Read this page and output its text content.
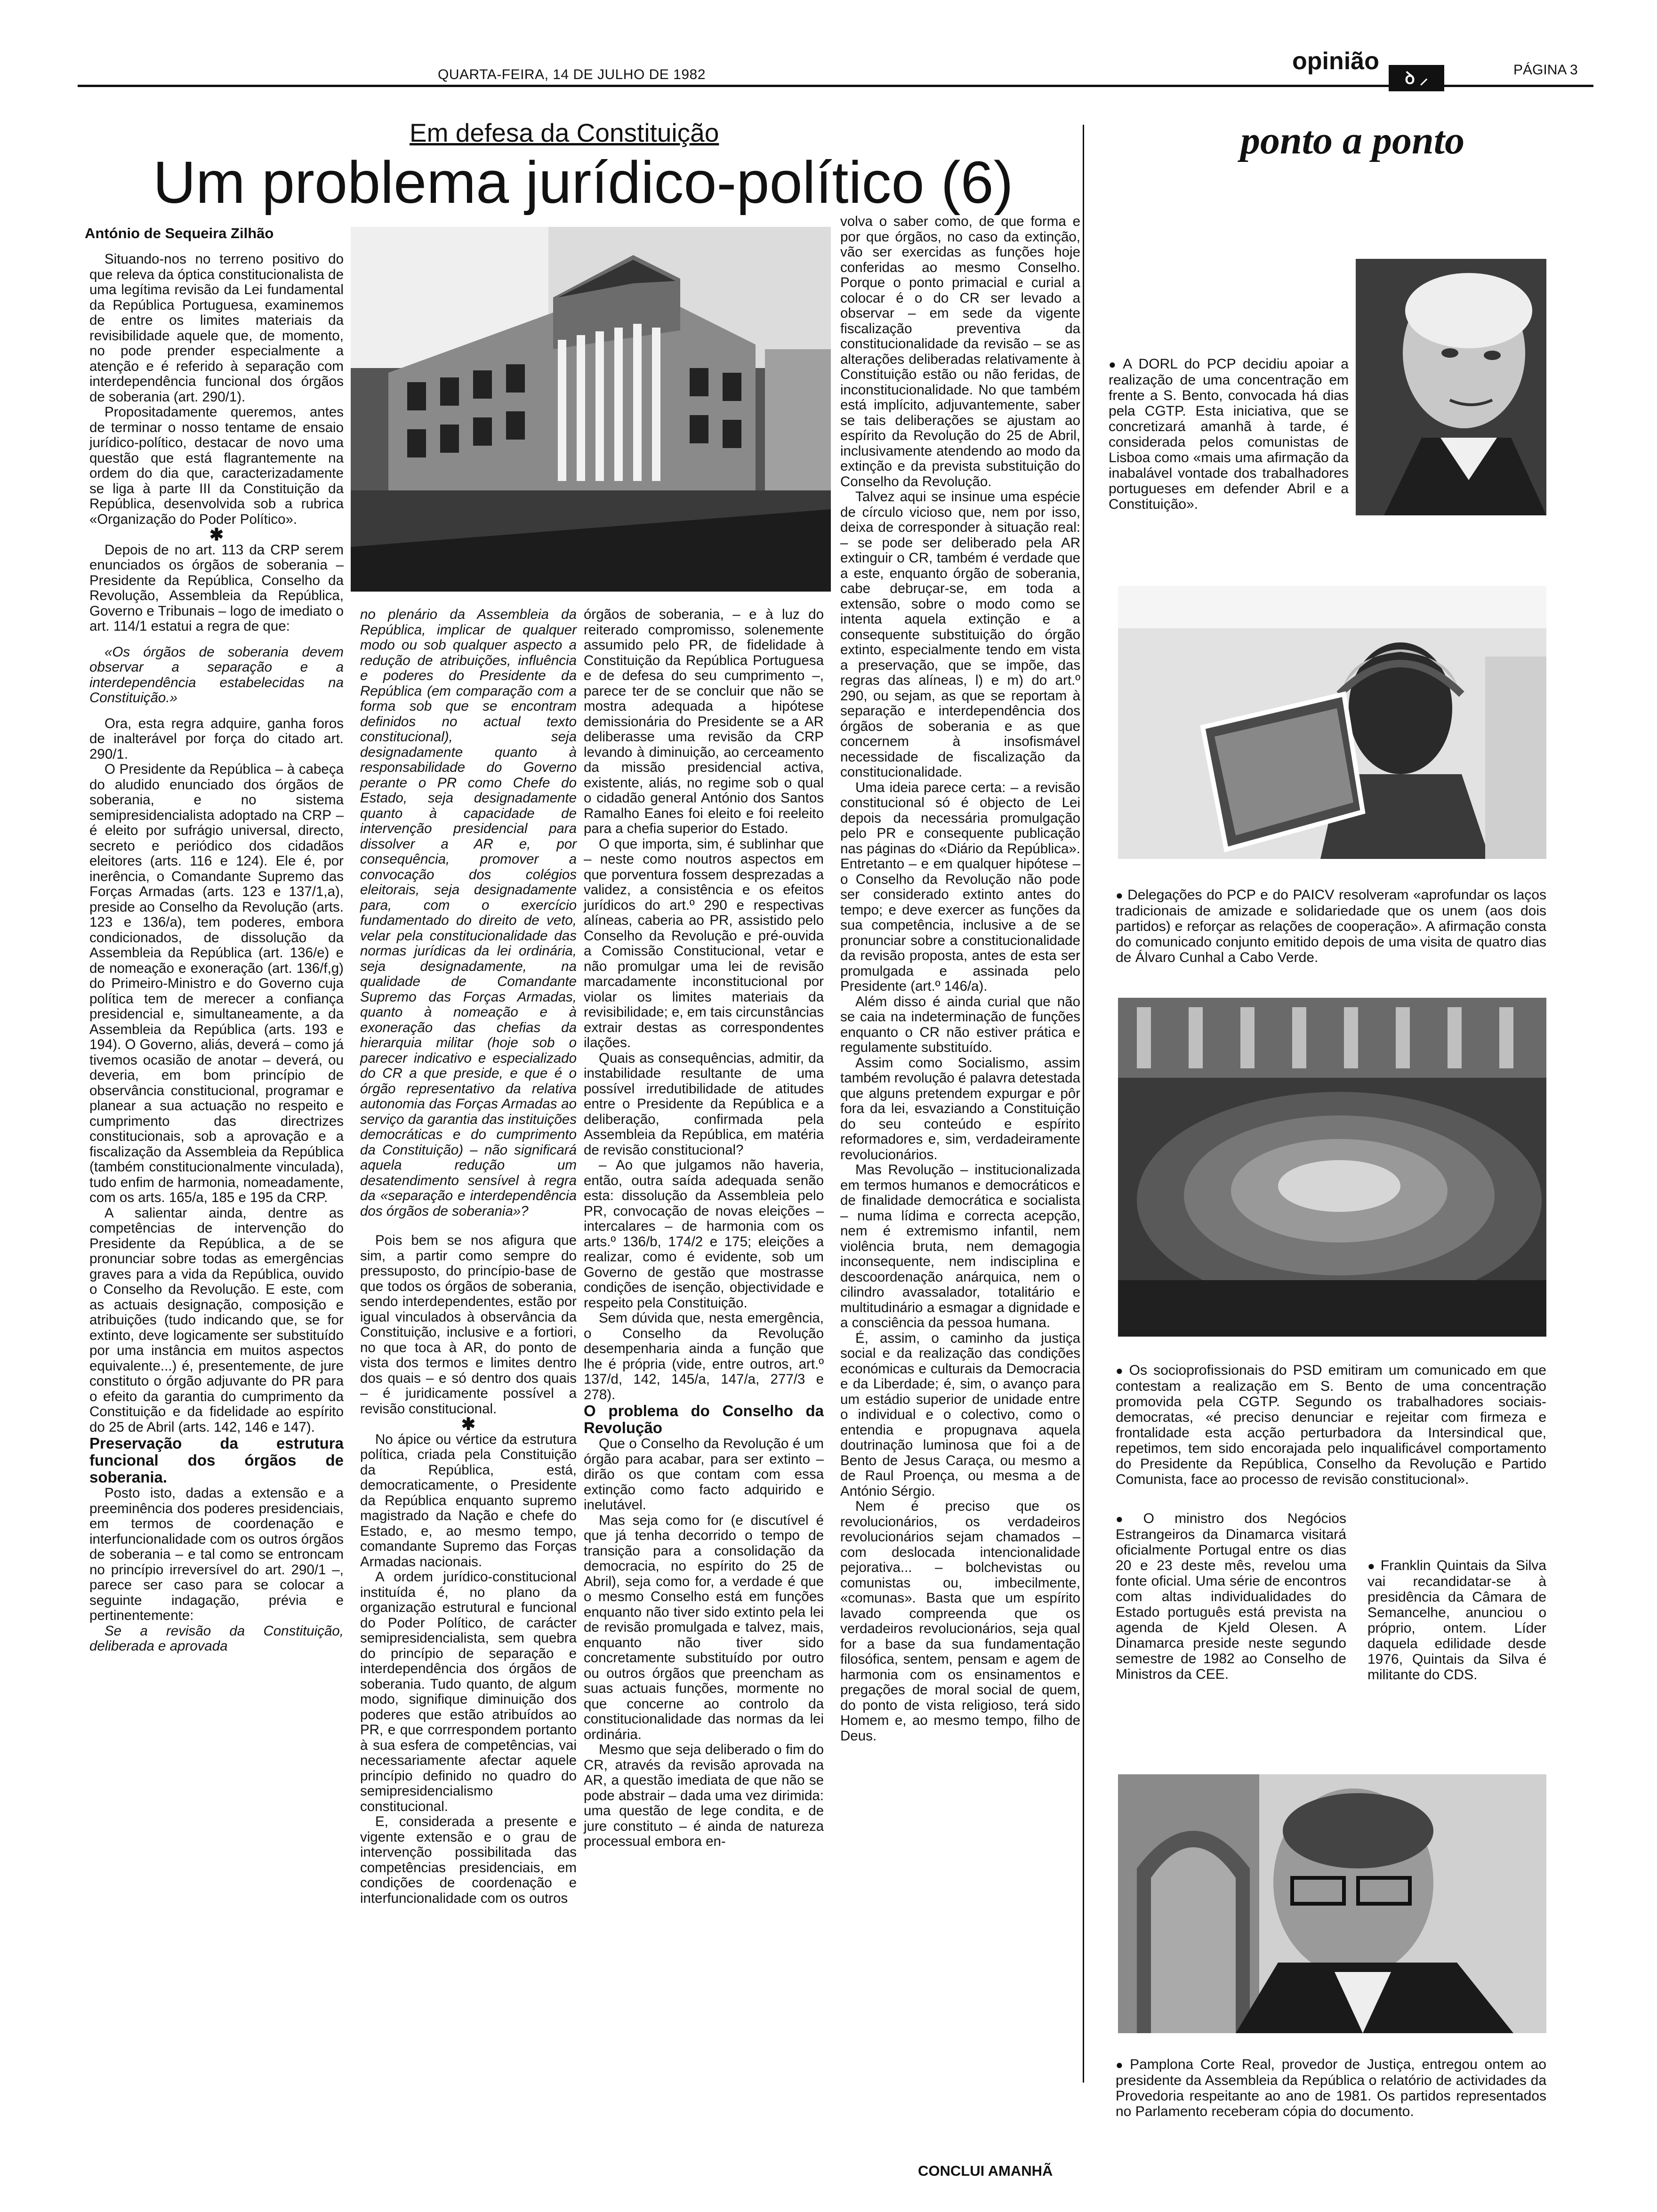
QUARTA-FEIRA, 14 DE JULHO DE 1982	opinião
ꝺ ⸝	PÁGINA 3
Em defesa da Constituição
Um problema jurídico-político (6)
António de Sequeira Zilhão

Situando-nos no terreno positivo do que releva da óptica constitucionalista de uma legítima revisão da Lei fundamental da República Portuguesa, examinemos de entre os limites materiais da revisibilidade aquele que, de momento, no pode prender especialmente a atenção e é referido à separação com interdependência funcional dos órgãos de soberania (art. 290/1).

Propositadamente queremos, antes de terminar o nosso tentame de ensaio jurídico-político, destacar de novo uma questão que está flagrantemente na ordem do dia que, caracterizadamente se liga à parte III da Constituição da República, desenvolvida sob a rubrica «Organização do Poder Político».

✱

Depois de no art. 113 da CRP serem enunciados os órgãos de soberania – Presidente da República, Conselho da Revolução, Assembleia da República, Governo e Tribunais – logo de imediato o art. 114/1 estatui a regra de que:

«Os órgãos de soberania devem observar a separação e a interdependência estabelecidas na Constituição.»

Ora, esta regra adquire, ganha foros de inalterável por força do citado art. 290/1.

O Presidente da República – à cabeça do aludido enunciado dos órgãos de soberania, e no sistema semipresidencialista adoptado na CRP – é eleito por sufrágio universal, directo, secreto e periódico dos cidadãos eleitores (arts. 116 e 124). Ele é, por inerência, o Comandante Supremo das Forças Armadas (arts. 123 e 137/1,a), preside ao Conselho da Revolução (arts. 123 e 136/a), tem poderes, embora condicionados, de dissolução da Assembleia da República (art. 136/e) e de nomeação e exoneração (art. 136/f,g) do Primeiro-Ministro e do Governo cuja política tem de merecer a confiança presidencial e, simultaneamente, a da Assembleia da República (arts. 193 e 194). O Governo, aliás, deverá – como já tivemos ocasião de anotar – deverá, ou deveria, em bom princípio de observância constitucional, programar e planear a sua actuação no respeito e cumprimento das directrizes constitucionais, sob a aprovação e a fiscalização da Assembleia da República (também constitucionalmente vinculada), tudo enfim de harmonia, nomeadamente, com os arts. 165/a, 185 e 195 da CRP.

A salientar ainda, dentre as competências de intervenção do Presidente da República, a de se pronunciar sobre todas as emergências graves para a vida da República, ouvido o Conselho da Revolução. E este, com as actuais designação, composição e atribuições (tudo indicando que, se for extinto, deve logicamente ser substituído por uma instância em muitos aspectos equivalente...) é, presentemente, de jure constituto o órgão adjuvante do PR para o efeito da garantia do cumprimento da Constituição e da fidelidade ao espírito do 25 de Abril (arts. 142, 146 e 147).

Preservação da estrutura funcional dos órgãos de soberania.

Posto isto, dadas a extensão e a preeminência dos poderes presidenciais, em termos de coordenação e interfuncionalidade com os outros órgãos de soberania – e tal como se entroncam no princípio irreversível do art. 290/1 –, parece ser caso para se colocar a seguinte indagação, prévia e pertinentemente:

Se a revisão da Constituição, deliberada e aprovada

no plenário da Assembleia da República, implicar de qualquer modo ou sob qualquer aspecto a redução de atribuições, influência e poderes do Presidente da República (em comparação com a forma sob que se encontram definidos no actual texto constitucional), seja designadamente quanto à responsabilidade do Governo perante o PR como Chefe do Estado, seja designadamente quanto à capacidade de intervenção presidencial para dissolver a AR e, por consequência, promover a convocação dos colégios eleitorais, seja designadamente para, com o exercício fundamentado do direito de veto, velar pela constitucionalidade das normas jurídicas da lei ordinária, seja designadamente, na qualidade de Comandante Supremo das Forças Armadas, quanto à nomeação e à exoneração das chefias da hierarquia militar (hoje sob o parecer indicativo e especializado do CR a que preside, e que é o órgão representativo da relativa autonomia das Forças Armadas ao serviço da garantia das instituições democráticas e do cumprimento da Constituição) – não significará aquela redução um desatendimento sensível à regra da «separação e interdependência dos órgãos de soberania»?

Pois bem se nos afigura que sim, a partir como sempre do pressuposto, do princípio-base de que todos os órgãos de soberania, sendo interdependentes, estão por igual vinculados à observância da Constituição, inclusive e a fortiori, no que toca à AR, do ponto de vista dos termos e limites dentro dos quais – e só dentro dos quais – é juridicamente possível a revisão constitucional.

✱

No ápice ou vértice da estrutura política, criada pela Constituição da República, está, democraticamente, o Presidente da República enquanto supremo magistrado da Nação e chefe do Estado, e, ao mesmo tempo, comandante Supremo das Forças Armadas nacionais.

A ordem jurídico-constitucional instituída é, no plano da organização estrutural e funcional do Poder Político, de carácter semipresidencialista, sem quebra do princípio de separação e interdependência dos órgãos de soberania. Tudo quanto, de algum modo, signifique diminuição dos poderes que estão atribuídos ao PR, e que corrrespondem portanto à sua esfera de competências, vai necessariamente afectar aquele princípio definido no quadro do semipresidencialismo constitucional.

E, considerada a presente e vigente extensão e o grau de intervenção possibilitada das competências presidenciais, em condições de coordenação e interfuncionalidade com os outros

órgãos de soberania, – e à luz do reiterado compromisso, solenemente assumido pelo PR, de fidelidade à Constituição da República Portuguesa e de defesa do seu cumprimento –, parece ter de se concluir que não se mostra adequada a hipótese demissionária do Presidente se a AR deliberasse uma revisão da CRP levando à diminuição, ao cerceamento da missão presidencial activa, existente, aliás, no regime sob o qual o cidadão general António dos Santos Ramalho Eanes foi eleito e foi reeleito para a chefia superior do Estado.

O que importa, sim, é sublinhar que – neste como noutros aspectos em que porventura fossem desprezadas a validez, a consistência e os efeitos jurídicos do art.º 290 e respectivas alíneas, caberia ao PR, assistido pelo Conselho da Revolução e pré-ouvida a Comissão Constitucional, vetar e não promulgar uma lei de revisão marcadamente inconstitucional por violar os limites materiais da revisibilidade; e, em tais circunstâncias extrair destas as correspondentes ilações.

Quais as consequências, admitir, da instabilidade resultante de uma possível irredutibilidade de atitudes entre o Presidente da República e a deliberação, confirmada pela Assembleia da República, em matéria de revisão constitucional?

– Ao que julgamos não haveria, então, outra saída adequada senão esta: dissolução da Assembleia pelo PR, convocação de novas eleições – intercalares – de harmonia com os arts.º 136/b, 174/2 e 175; eleições a realizar, como é evidente, sob um Governo de gestão que mostrasse condições de isenção, objectividade e respeito pela Constituição.

Sem dúvida que, nesta emergência, o Conselho da Revolução desempenharia ainda a função que lhe é própria (vide, entre outros, art.º 137/d, 142, 145/a, 147/a, 277/3 e 278).

O problema do Conselho da Revolução

Que o Conselho da Revolução é um órgão para acabar, para ser extinto – dirão os que contam com essa extinção como facto adquirido e inelutável.

Mas seja como for (e discutível é que já tenha decorrido o tempo de transição para a consolidação da democracia, no espírito do 25 de Abril), seja como for, a verdade é que o mesmo Conselho está em funções enquanto não tiver sido extinto pela lei de revisão promulgada e talvez, mais, enquanto não tiver sido concretamente substituído por outro ou outros órgãos que preencham as suas actuais funções, mormente no que concerne ao controlo da constitucionalidade das normas da lei ordinária.

Mesmo que seja deliberado o fim do CR, através da revisão aprovada na AR, a questão imediata de que não se pode abstrair – dada uma vez dirimida: uma questão de lege condita, e de jure constituto – é ainda de natureza processual embora en-

volva o saber como, de que forma e por que órgãos, no caso da extinção, vão ser exercidas as funções hoje conferidas ao mesmo Conselho. Porque o ponto primacial e curial a colocar é o do CR ser levado a observar – em sede da vigente fiscalização preventiva da constitucionalidade da revisão – se as alterações deliberadas relativamente à Constituição estão ou não feridas, de inconstitucionalidade. No que também está implícito, adjuvantemente, saber se tais deliberações se ajustam ao espírito da Revolução do 25 de Abril, inclusivamente atendendo ao modo da extinção e da prevista substituição do Conselho da Revolução.

Talvez aqui se insinue uma espécie de círculo vicioso que, nem por isso, deixa de corresponder à situação real: – se pode ser deliberado pela AR extinguir o CR, também é verdade que a este, enquanto órgão de soberania, cabe debruçar-se, em toda a extensão, sobre o modo como se intenta aquela extinção e a consequente substituição do órgão extinto, especialmente tendo em vista a preservação, que se impõe, das regras das alíneas, l) e m) do art.º 290, ou sejam, as que se reportam à separação e interdependência dos órgãos de soberania e as que concernem à insofismável necessidade de fiscalização da constitucionalidade.

Uma ideia parece certa: – a revisão constitucional só é objecto de Lei depois da necessária promulgação pelo PR e consequente publicação nas páginas do «Diário da República». Entretanto – e em qualquer hipótese – o Conselho da Revolução não pode ser considerado extinto antes do tempo; e deve exercer as funções da sua competência, inclusive a de se pronunciar sobre a constitucionalidade da revisão proposta, antes de esta ser promulgada e assinada pelo Presidente (art.º 146/a).

Além disso é ainda curial que não se caia na indeterminação de funções enquanto o CR não estiver prática e regulamente substituído.

Assim como Socialismo, assim também revolução é palavra detestada que alguns pretendem expurgar e pôr fora da lei, esvaziando a Constituição do seu conteúdo e espírito reformadores e, sim, verdadeiramente revolucionários.

Mas Revolução – institucionalizada em termos humanos e democráticos e de finalidade democrática e socialista – numa lídima e correcta acepção, nem é extremismo infantil, nem violência bruta, nem demagogia inconsequente, nem indisciplina e descoordenação anárquica, nem o cilindro avassalador, totalitário e multitudinário a esmagar a dignidade e a consciência da pessoa humana.

É, assim, o caminho da justiça social e da realização das condições económicas e culturais da Democracia e da Liberdade; é, sim, o avanço para um estádio superior de unidade entre o individual e o colectivo, como o entendia e propugnava aquela doutrinação luminosa que foi a de Bento de Jesus Caraça, ou mesmo a de Raul Proença, ou mesma a de António Sérgio.

Nem é preciso que os revolucionários, os verdadeiros revolucionários sejam chamados – com deslocada intencionalidade pejorativa... – bolchevistas ou comunistas ou, imbecilmente, «comunas». Basta que um espírito lavado compreenda que os verdadeiros revolucionários, seja qual for a base da sua fundamentação filosófica, sentem, pensam e agem de harmonia com os ensinamentos e pregações de moral social de quem, do ponto de vista religioso, terá sido Homem e, ao mesmo tempo, filho de Deus.

CONCLUI AMANHÃ
ponto a ponto
● A DORL do PCP decidiu apoiar a realização de uma concentração em frente a S. Bento, convocada há dias pela CGTP. Esta iniciativa, que se concretizará amanhã à tarde, é considerada pelos comunistas de Lisboa como «mais uma afirmação da inabalável vontade dos trabalhadores portugueses em defender Abril e a Constituição».
● Delegações do PCP e do PAICV resolveram «aprofundar os laços tradicionais de amizade e solidariedade que os unem (aos dois partidos) e reforçar as relações de cooperação». A afirmação consta do comunicado conjunto emitido depois de uma visita de quatro dias de Álvaro Cunhal a Cabo Verde.
● Os socioprofissionais do PSD emitiram um comunicado em que contestam a realização em S. Bento de uma concentração promovida pela CGTP. Segundo os trabalhadores sociais-democratas, «é preciso denunciar e rejeitar com firmeza e frontalidade esta acção perturbadora da Intersindical que, repetimos, tem sido encorajada pelo inqualificável comportamento do Presidente da República, Conselho da Revolução e Partido Comunista, face ao processo de revisão constitucional».
● O ministro dos Negócios Estrangeiros da Dinamarca visitará oficialmente Portugal entre os dias 20 e 23 deste mês, revelou uma fonte oficial. Uma série de encontros com altas individualidades do Estado português está prevista na agenda de Kjeld Olesen. A Dinamarca preside neste segundo semestre de 1982 ao Conselho de Ministros da CEE.
● Franklin Quintais da Silva vai recandidatar-se à presidência da Câmara de Semancelhe, anunciou o próprio, ontem. Líder daquela edilidade desde 1976, Quintais da Silva é militante do CDS.
● Pamplona Corte Real, provedor de Justiça, entregou ontem ao presidente da Assembleia da República o relatório de actividades da Provedoria respeitante ao ano de 1981. Os partidos representados no Parlamento receberam cópia do documento.
